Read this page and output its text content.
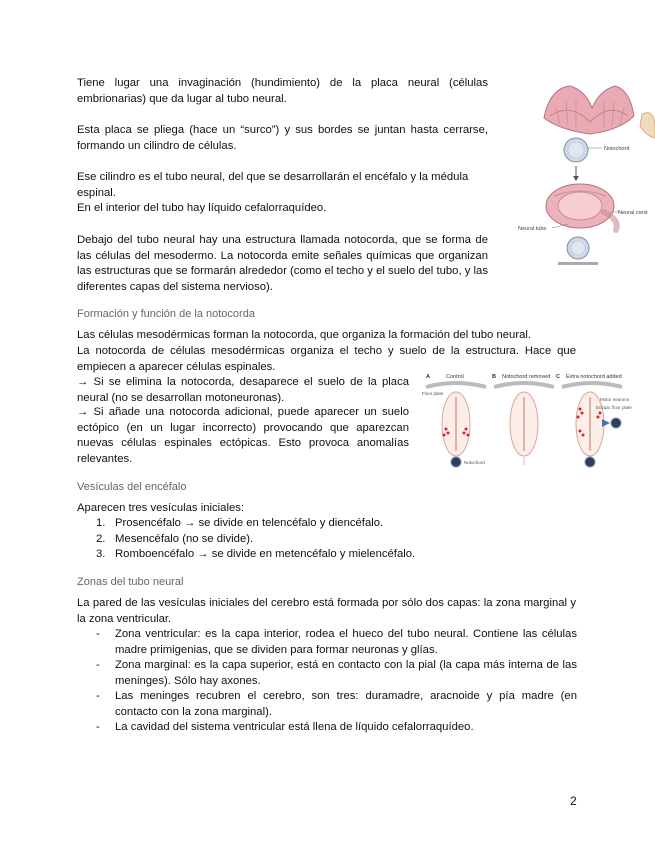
Tiene lugar una invaginación (hundimiento) de la placa neural (células embrionarias) que da lugar al tubo neural.

Esta placa se pliega (hace un “surco”) y sus bordes se juntan hasta cerrarse, formando un cilindro de células.

Ese cilindro es el tubo neural, del que se desarrollarán el encéfalo y la médula espinal.

En el interior del tubo hay líquido cefalorraquídeo.

Debajo del tubo neural hay una estructura llamada notocorda, que se forma de las células del mesodermo. La notocorda emite señales químicas que organizan las estructuras que se formarán alrededor (como el techo y el suelo del tubo, y las diferentes capas del sistema nervioso).

Notochord
Neural crest
Neural tube

Formación y función de la notocorda

Las células mesodérmicas forman la notocorda, que organiza la formación del tubo neural.

La notocorda de células mesodérmicas organiza el techo y suelo de la estructura. Hace que empiecen a aparecer células espinales.

→ Si se elimina la notocorda, desaparece el suelo de la placa neural (no se desarrollan motoneuronas).

→ Si añade una notocorda adicional, puede aparecer un suelo ectópico (en un lugar incorrecto) provocando que aparezcan nuevas células espinales ectópicas. Esto provoca anomalías relevantes.

A	Control	B Notochord removed C Extra notochord added
Floor plate
Notochord
Motor neurons
Ectopic floor plate

Vesículas del encéfalo

Aparecen tres vesículas iniciales:

1. Prosencéfalo → se divide en telencéfalo y diencéfalo.
2. Mesencéfalo (no se divide).
3. Romboencéfalo → se divide en metencéfalo y mielencéfalo.

Zonas del tubo neural

La pared de las vesículas iniciales del cerebro está formada por sólo dos capas: la zona marginal y la zona ventricular.

- Zona ventricular: es la capa interior, rodea el hueco del tubo neural. Contiene las células madre primigenias, que se dividen para formar neuronas y glías.
- Zona marginal: es la capa superior, está en contacto con la pial (la capa más interna de las meninges). Sólo hay axones.
- Las meninges recubren el cerebro, son tres: duramadre, aracnoide y pía madre (en contacto con la zona marginal).
- La cavidad del sistema ventricular está llena de líquido cefalorraquídeo.
2
